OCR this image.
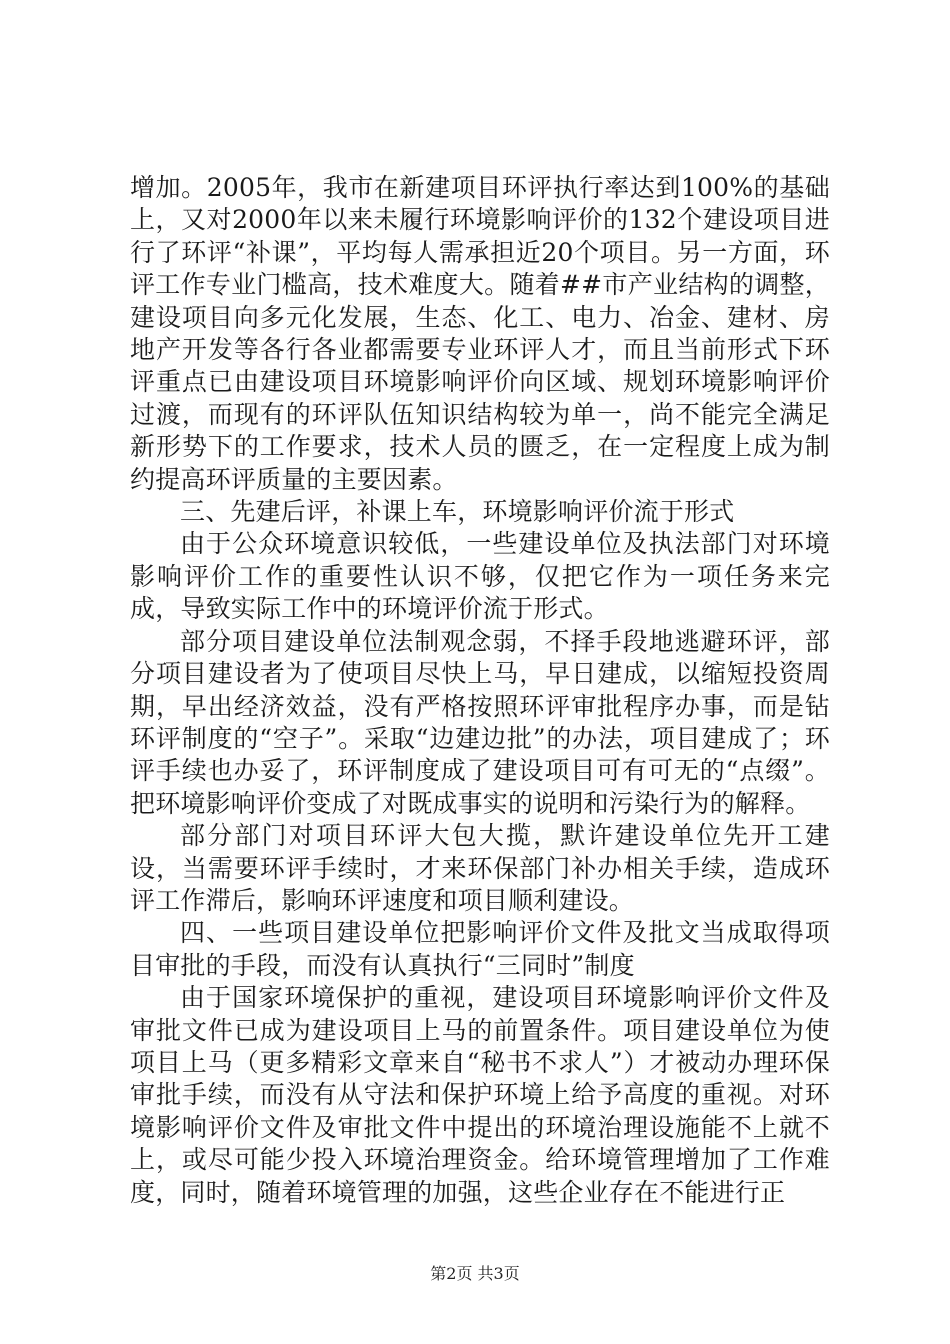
增加。2005年，我市在新建项目环评执行率达到100%的基础上，又对2000年以来未履行环境影响评价的132个建设项目进行了环评“补课”，平均每人需承担近20个项目。另一方面，环评工作专业门槛高，技术难度大。随着##市产业结构的调整，建设项目向多元化发展，生态、化工、电力、冶金、建材、房地产开发等各行各业都需要专业环评人才，而且当前形式下环评重点已由建设项目环境影响评价向区域、规划环境影响评价过渡，而现有的环评队伍知识结构较为单一，尚不能完全满足新形势下的工作要求，技术人员的匮乏，在一定程度上成为制约提高环评质量的主要因素。

三、先建后评，补课上车，环境影响评价流于形式

由于公众环境意识较低，一些建设单位及执法部门对环境影响评价工作的重要性认识不够，仅把它作为一项任务来完成，导致实际工作中的环境评价流于形式。

部分项目建设单位法制观念弱，不择手段地逃避环评，部分项目建设者为了使项目尽快上马，早日建成，以缩短投资周期，早出经济效益，没有严格按照环评审批程序办事，而是钻环评制度的“空子”。采取“边建边批”的办法，项目建成了；环评手续也办妥了，环评制度成了建设项目可有可无的“点缀”。把环境影响评价变成了对既成事实的说明和污染行为的解释。

部分部门对项目环评大包大揽，默许建设单位先开工建设，当需要环评手续时，才来环保部门补办相关手续，造成环评工作滞后，影响环评速度和项目顺利建设。

四、一些项目建设单位把影响评价文件及批文当成取得项目审批的手段，而没有认真执行“三同时”制度

由于国家环境保护的重视，建设项目环境影响评价文件及审批文件已成为建设项目上马的前置条件。项目建设单位为使项目上马（更多精彩文章来自“秘书不求人”）才被动办理环保审批手续，而没有从守法和保护环境上给予高度的重视。对环境影响评价文件及审批文件中提出的环境治理设施能不上就不上，或尽可能少投入环境治理资金。给环境管理增加了工作难度，同时，随着环境管理的加强，这些企业存在不能进行正

第2页 共3页
